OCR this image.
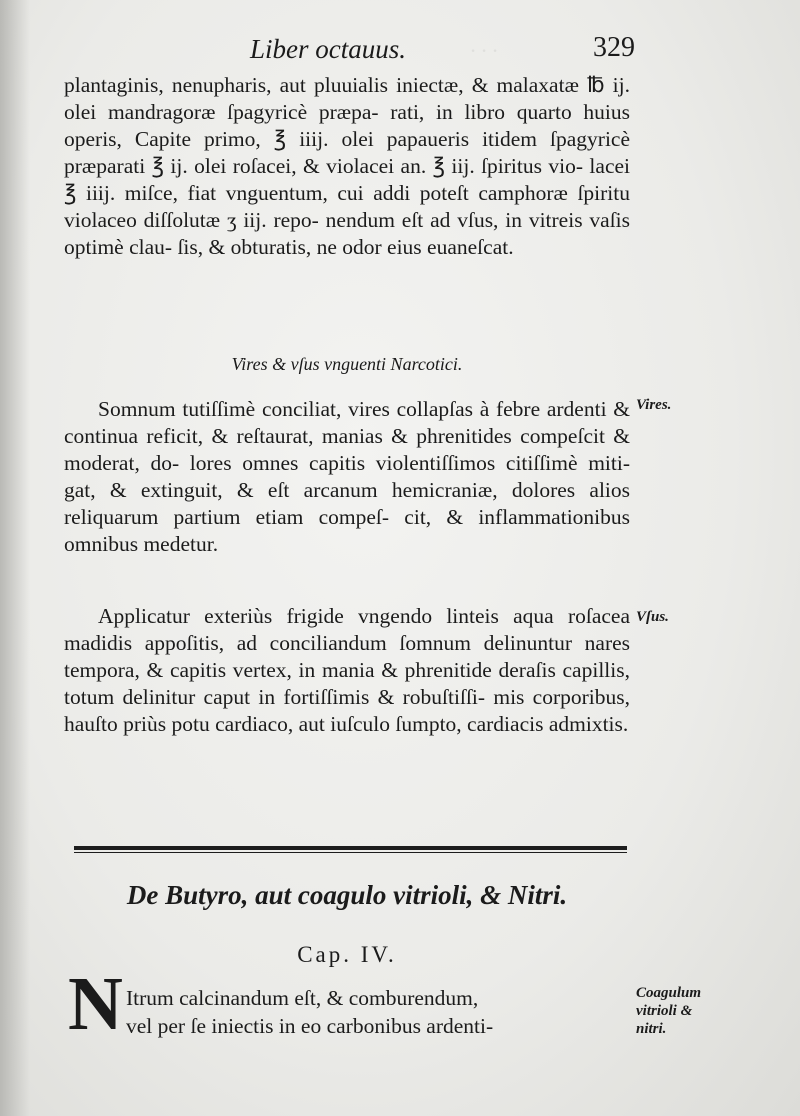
· · ·
Liber octauus.	329
plantaginis, nenupharis, aut pluuialis iniectæ, & malaxatæ ℔ ij. olei mandragoræ ſpagyricè præpa- rati, in libro quarto huius operis, Capite primo, ℥ iiij. olei papaueris itidem ſpagyricè præparati ℥ ij. olei roſacei, & violacei an. ℥ iij. ſpiritus vio- lacei ℥ iiij. miſce, fiat vnguentum, cui addi poteſt camphoræ ſpiritu violaceo diſſolutæ ʒ iij. repo- nendum eſt ad vſus, in vitreis vaſis optimè clau- ſis, & obturatis, ne odor eius euaneſcat.
Vires & vſus vnguenti Narcotici.
Somnum tutiſſimè conciliat, vires collapſas à febre ardenti & continua reficit, & reſtaurat, manias & phrenitides compeſcit & moderat, do- lores omnes capitis violentiſſimos citiſſimè miti- gat, & extinguit, & eſt arcanum hemicraniæ, dolores alios reliquarum partium etiam compeſ- cit, & inflammationibus omnibus medetur.
Applicatur exteriùs frigide vngendo linteis aqua roſacea madidis appoſitis, ad conciliandum ſomnum delinuntur nares tempora, & capitis vertex, in mania & phrenitide deraſis capillis, totum delinitur caput in fortiſſimis & robuſtiſſi- mis corporibus, hauſto priùs potu cardiaco, aut iuſculo ſumpto, cardiacis admixtis.
Vires.
Vſus.
De Butyro, aut coagulo vitrioli, & Nitri.
Cap. IV.
N Itrum calcinandum eſt, & comburendum,
vel per ſe iniectis in eo carbonibus ardenti-
Coagulum
vitrioli &
nitri.
